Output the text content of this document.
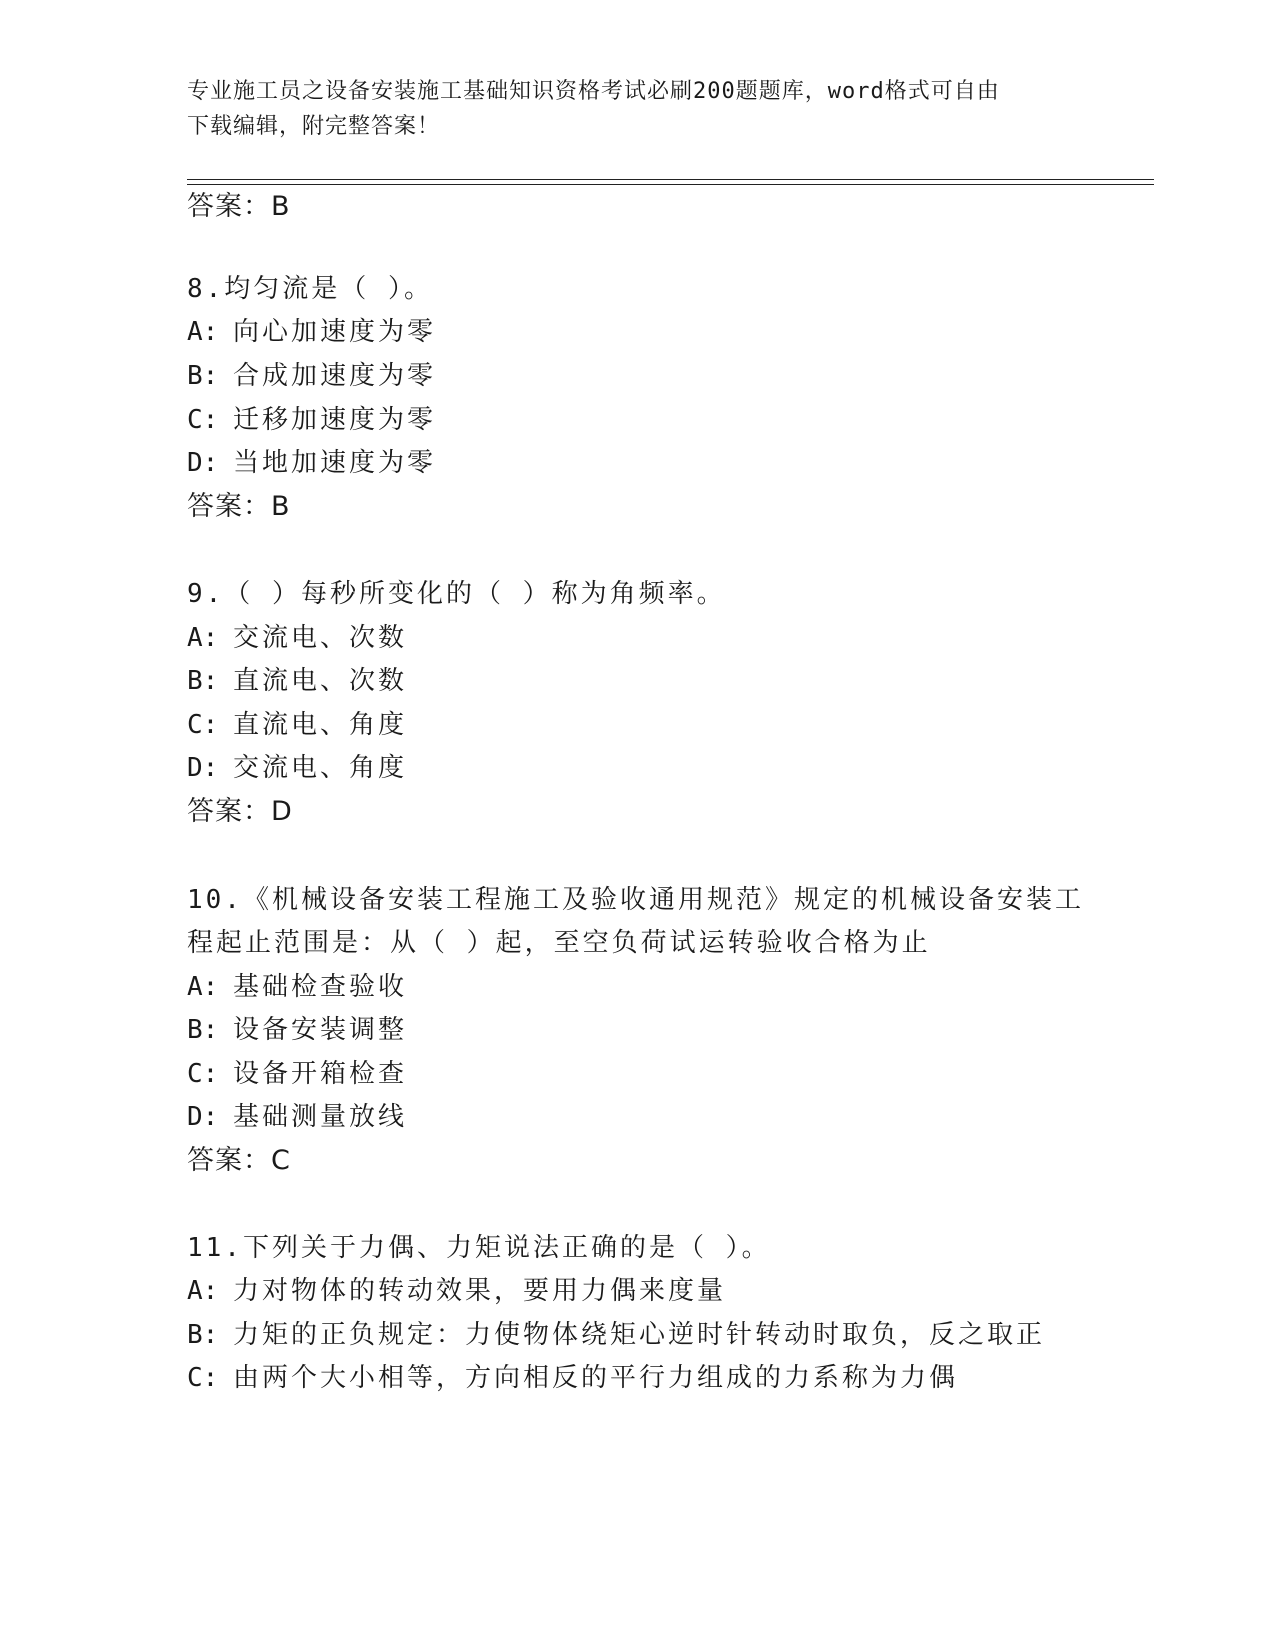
专业施工员之设备安装施工基础知识资格考试必刷200题题库，word格式可自由
下载编辑，附完整答案！
答案：B
8.均匀流是（ ）。
A: 向心加速度为零
B: 合成加速度为零
C: 迁移加速度为零
D: 当地加速度为零
答案：B
9.（ ）每秒所变化的（ ）称为角频率。
A: 交流电、次数
B: 直流电、次数
C: 直流电、角度
D: 交流电、角度
答案：D
10.《机械设备安装工程施工及验收通用规范》规定的机械设备安装工
程起止范围是：从（ ）起，至空负荷试运转验收合格为止
A: 基础检查验收
B: 设备安装调整
C: 设备开箱检查
D: 基础测量放线
答案：C
11.下列关于力偶、力矩说法正确的是（ ）。
A: 力对物体的转动效果，要用力偶来度量
B: 力矩的正负规定：力使物体绕矩心逆时针转动时取负，反之取正
C: 由两个大小相等，方向相反的平行力组成的力系称为力偶
